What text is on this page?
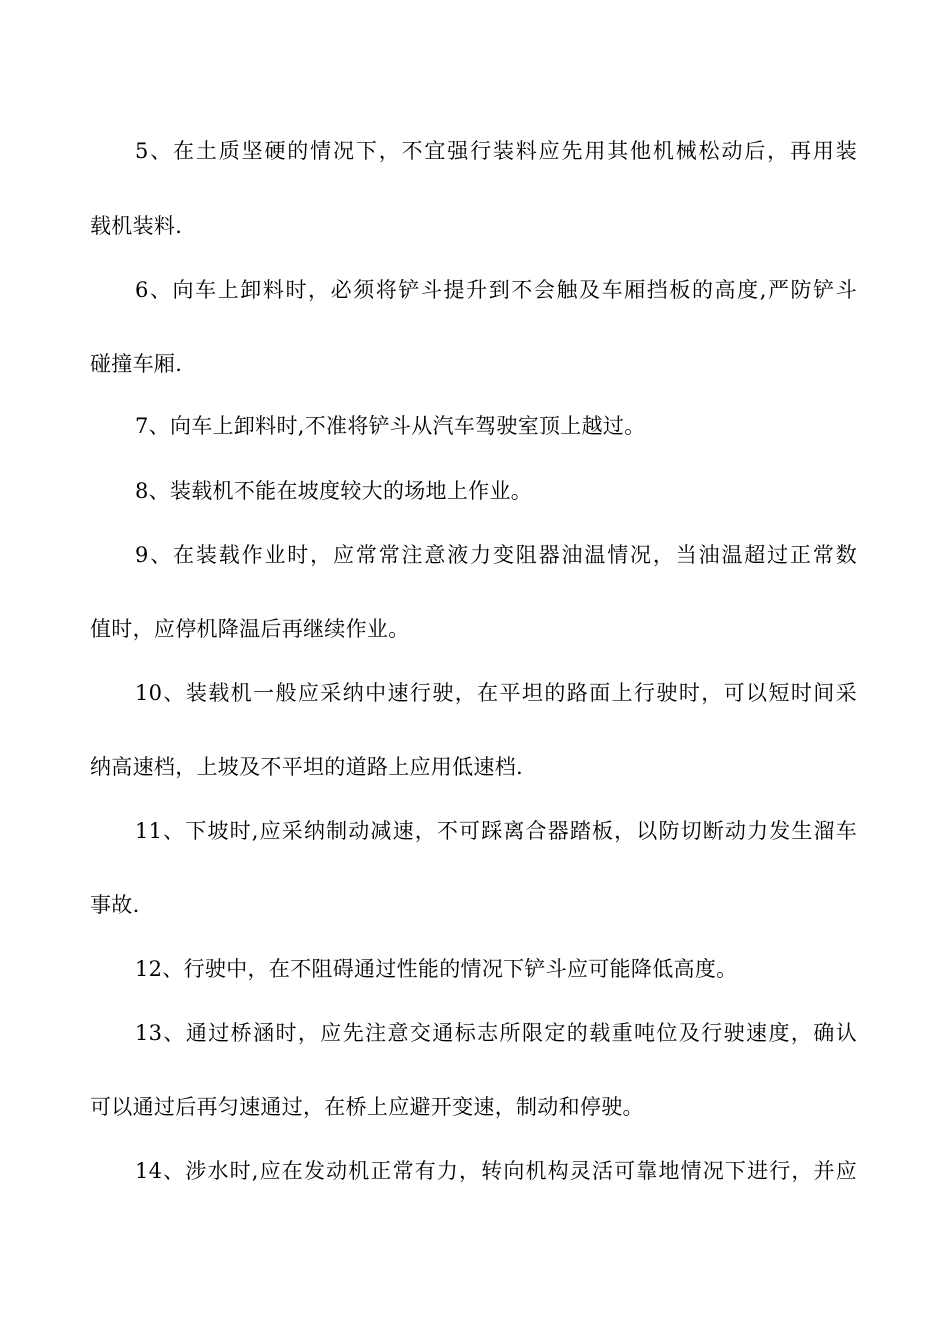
5、在土质坚硬的情况下，不宜强行装料应先用其他机械松动后，再用装
载机装料.
6、向车上卸料时，必须将铲斗提升到不会触及车厢挡板的高度,严防铲斗
碰撞车厢.
7、向车上卸料时,不准将铲斗从汽车驾驶室顶上越过。
8、装载机不能在坡度较大的场地上作业。
9、在装载作业时，应常常注意液力变阻器油温情况，当油温超过正常数
值时，应停机降温后再继续作业。
10、装载机一般应采纳中速行驶，在平坦的路面上行驶时，可以短时间采
纳高速档，上坡及不平坦的道路上应用低速档.
11、下坡时,应采纳制动减速，不可踩离合器踏板，以防切断动力发生溜车
事故.
12、行驶中，在不阻碍通过性能的情况下铲斗应可能降低高度。
13、通过桥涵时，应先注意交通标志所限定的载重吨位及行驶速度，确认
可以通过后再匀速通过，在桥上应避开变速，制动和停驶。
14、涉水时,应在发动机正常有力，转向机构灵活可靠地情况下进行，并应
